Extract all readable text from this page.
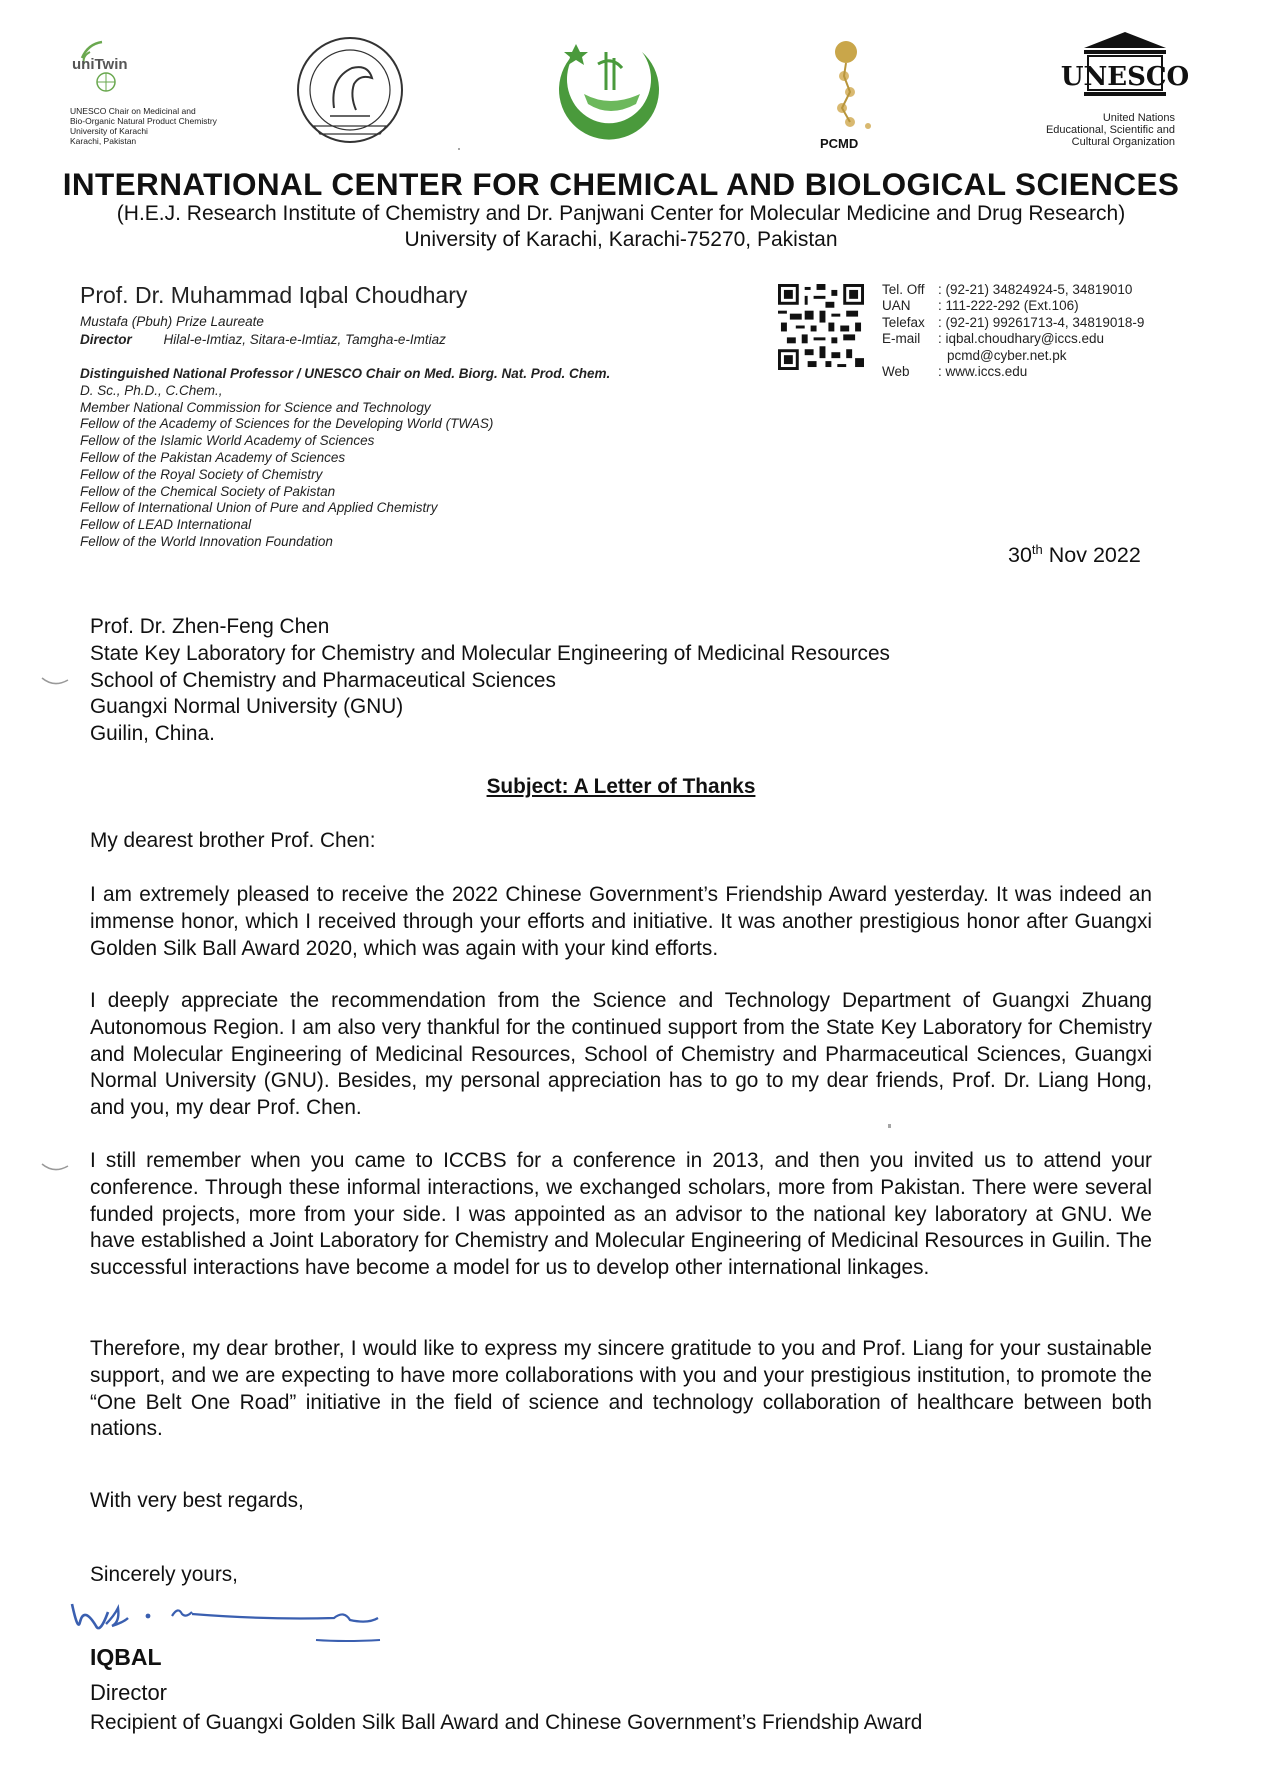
uniTwin
UNESCO Chair on Medicinal and
Bio-Organic Natural Product Chemistry
University of Karachi
Karachi, Pakistan	PCMD
UNESCO
United Nations
Educational, Scientific and
Cultural Organization
INTERNATIONAL CENTER FOR CHEMICAL AND BIOLOGICAL SCIENCES
(H.E.J. Research Institute of Chemistry and Dr. Panjwani Center for Molecular Medicine and Drug Research)
University of Karachi, Karachi-75270, Pakistan
Prof. Dr. Muhammad Iqbal Choudhary
Mustafa (Pbuh) Prize Laureate
Director Hilal-e-Imtiaz, Sitara-e-Imtiaz, Tamgha-e-Imtiaz
Distinguished National Professor / UNESCO Chair on Med. Biorg. Nat. Prod. Chem.
D. Sc., Ph.D., C.Chem.,
Member National Commission for Science and Technology
Fellow of the Academy of Sciences for the Developing World (TWAS)
Fellow of the Islamic World Academy of Sciences
Fellow of the Pakistan Academy of Sciences
Fellow of the Royal Society of Chemistry
Fellow of the Chemical Society of Pakistan
Fellow of International Union of Pure and Applied Chemistry
Fellow of LEAD International
Fellow of the World Innovation Foundation
Tel. Off	: (92-21) 34824924-5, 34819010
UAN	: 111-222-292 (Ext.106)
Telefax	: (92-21) 99261713-4, 34819018-9
E-mail	: iqbal.choudhary@iccs.edu
	pcmd@cyber.net.pk
Web	: www.iccs.edu
30th Nov 2022

Prof. Dr. Zhen-Feng Chen

State Key Laboratory for Chemistry and Molecular Engineering of Medicinal Resources

School of Chemistry and Pharmaceutical Sciences

Guangxi Normal University (GNU)

Guilin, China.

Subject: A Letter of Thanks
My dearest brother Prof. Chen:
I am extremely pleased to receive the 2022 Chinese Government’s Friendship Award yesterday. It was indeed an immense honor, which I received through your efforts and initiative. It was another prestigious honor after Guangxi Golden Silk Ball Award 2020, which was again with your kind efforts.
I deeply appreciate the recommendation from the Science and Technology Department of Guangxi Zhuang Autonomous Region. I am also very thankful for the continued support from the State Key Laboratory for Chemistry and Molecular Engineering of Medicinal Resources, School of Chemistry and Pharmaceutical Sciences, Guangxi Normal University (GNU). Besides, my personal appreciation has to go to my dear friends, Prof. Dr. Liang Hong, and you, my dear Prof. Chen.
I still remember when you came to ICCBS for a conference in 2013, and then you invited us to attend your conference. Through these informal interactions, we exchanged scholars, more from Pakistan. There were several funded projects, more from your side. I was appointed as an advisor to the national key laboratory at GNU. We have established a Joint Laboratory for Chemistry and Molecular Engineering of Medicinal Resources in Guilin. The successful interactions have become a model for us to develop other international linkages.
Therefore, my dear brother, I would like to express my sincere gratitude to you and Prof. Liang for your sustainable support, and we are expecting to have more collaborations with you and your prestigious institution, to promote the “One Belt One Road” initiative in the field of science and technology collaboration of healthcare between both nations.
With very best regards,
Sincerely yours,
IQBAL
Director
Recipient of Guangxi Golden Silk Ball Award and Chinese Government’s Friendship Award
